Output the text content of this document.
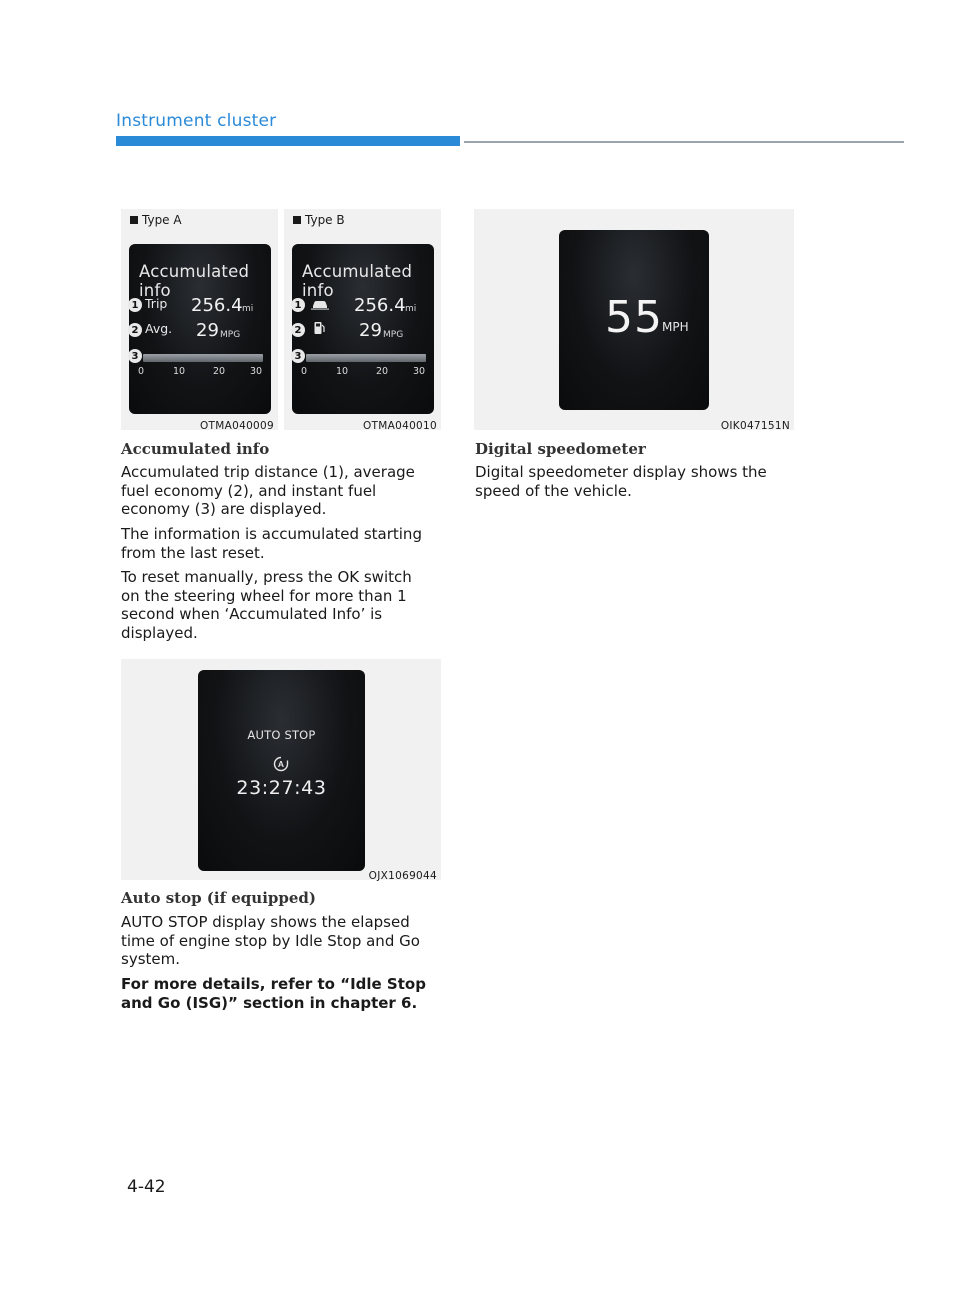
Instrument cluster
Type A
Accumulated info
1 Trip 256.4 mi
2 Avg. 29 MPG
3
0	10	20	30
OTMA040009
Type B
Accumulated info
1	256.4 mi
2	29 MPG
3
0	10	20	30
OTMA040010
Accumulated info
Accumulated trip distance (1), average fuel economy (2), and instant fuel economy (3) are displayed.
The information is accumulated starting from the last reset.
To reset manually, press the OK switch on the steering wheel for more than 1 second when ‘Accumulated Info’ is displayed.
AUTO STOP
A
23:27:43
OJX1069044
Auto stop (if equipped)
AUTO STOP display shows the elapsed time of engine stop by Idle Stop and Go system.
For more details, refer to “Idle Stop and Go (ISG)” section in chapter 6.
55 MPH
OIK047151N
Digital speedometer
Digital speedometer display shows the speed of the vehicle.
4-42
